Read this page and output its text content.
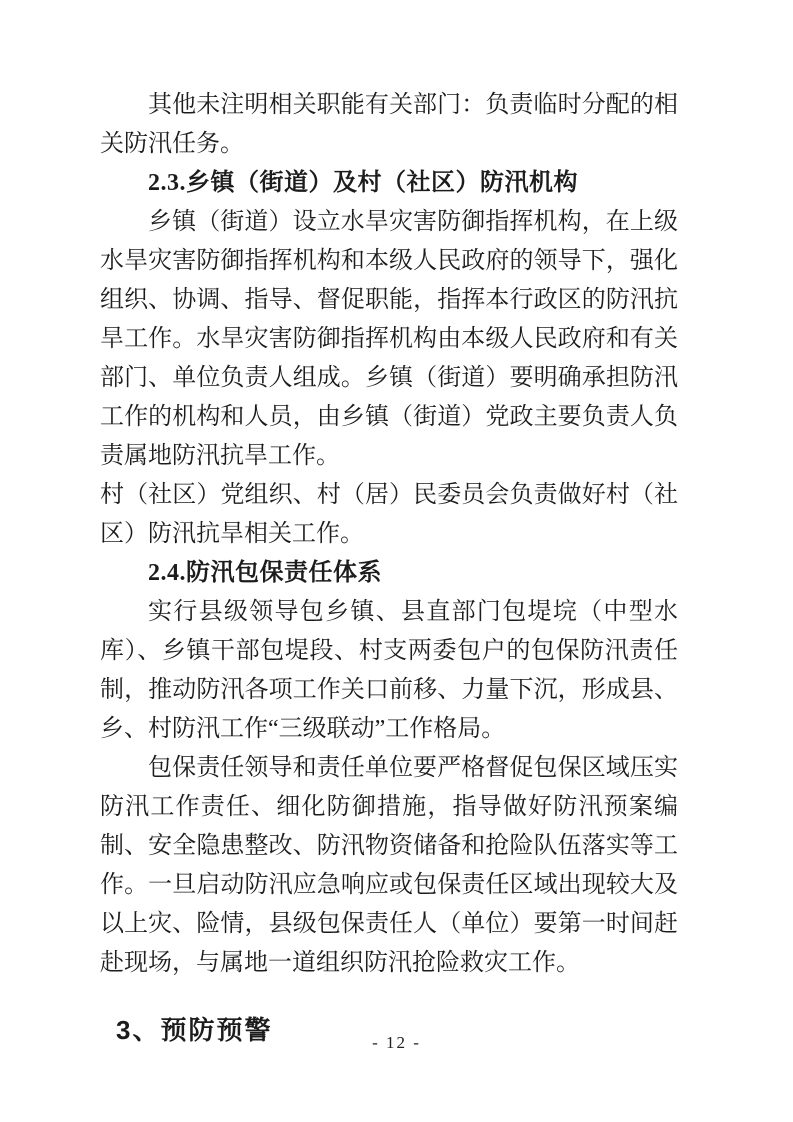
其他未注明相关职能有关部门：负责临时分配的相关防汛任务。

2.3.乡镇（街道）及村（社区）防汛机构

乡镇（街道）设立水旱灾害防御指挥机构，在上级水旱灾害防御指挥机构和本级人民政府的领导下，强化组织、协调、指导、督促职能，指挥本行政区的防汛抗旱工作。水旱灾害防御指挥机构由本级人民政府和有关部门、单位负责人组成。乡镇（街道）要明确承担防汛工作的机构和人员，由乡镇（街道）党政主要负责人负责属地防汛抗旱工作。

村（社区）党组织、村（居）民委员会负责做好村（社区）防汛抗旱相关工作。

2.4.防汛包保责任体系

实行县级领导包乡镇、县直部门包堤垸（中型水库）、乡镇干部包堤段、村支两委包户的包保防汛责任制，推动防汛各项工作关口前移、力量下沉，形成县、乡、村防汛工作“三级联动”工作格局。

包保责任领导和责任单位要严格督促包保区域压实防汛工作责任、细化防御措施，指导做好防汛预案编制、安全隐患整改、防汛物资储备和抢险队伍落实等工作。一旦启动防汛应急响应或包保责任区域出现较大及以上灾、险情，县级包保责任人（单位）要第一时间赶赴现场，与属地一道组织防汛抢险救灾工作。

3、预防预警	- 12 -
